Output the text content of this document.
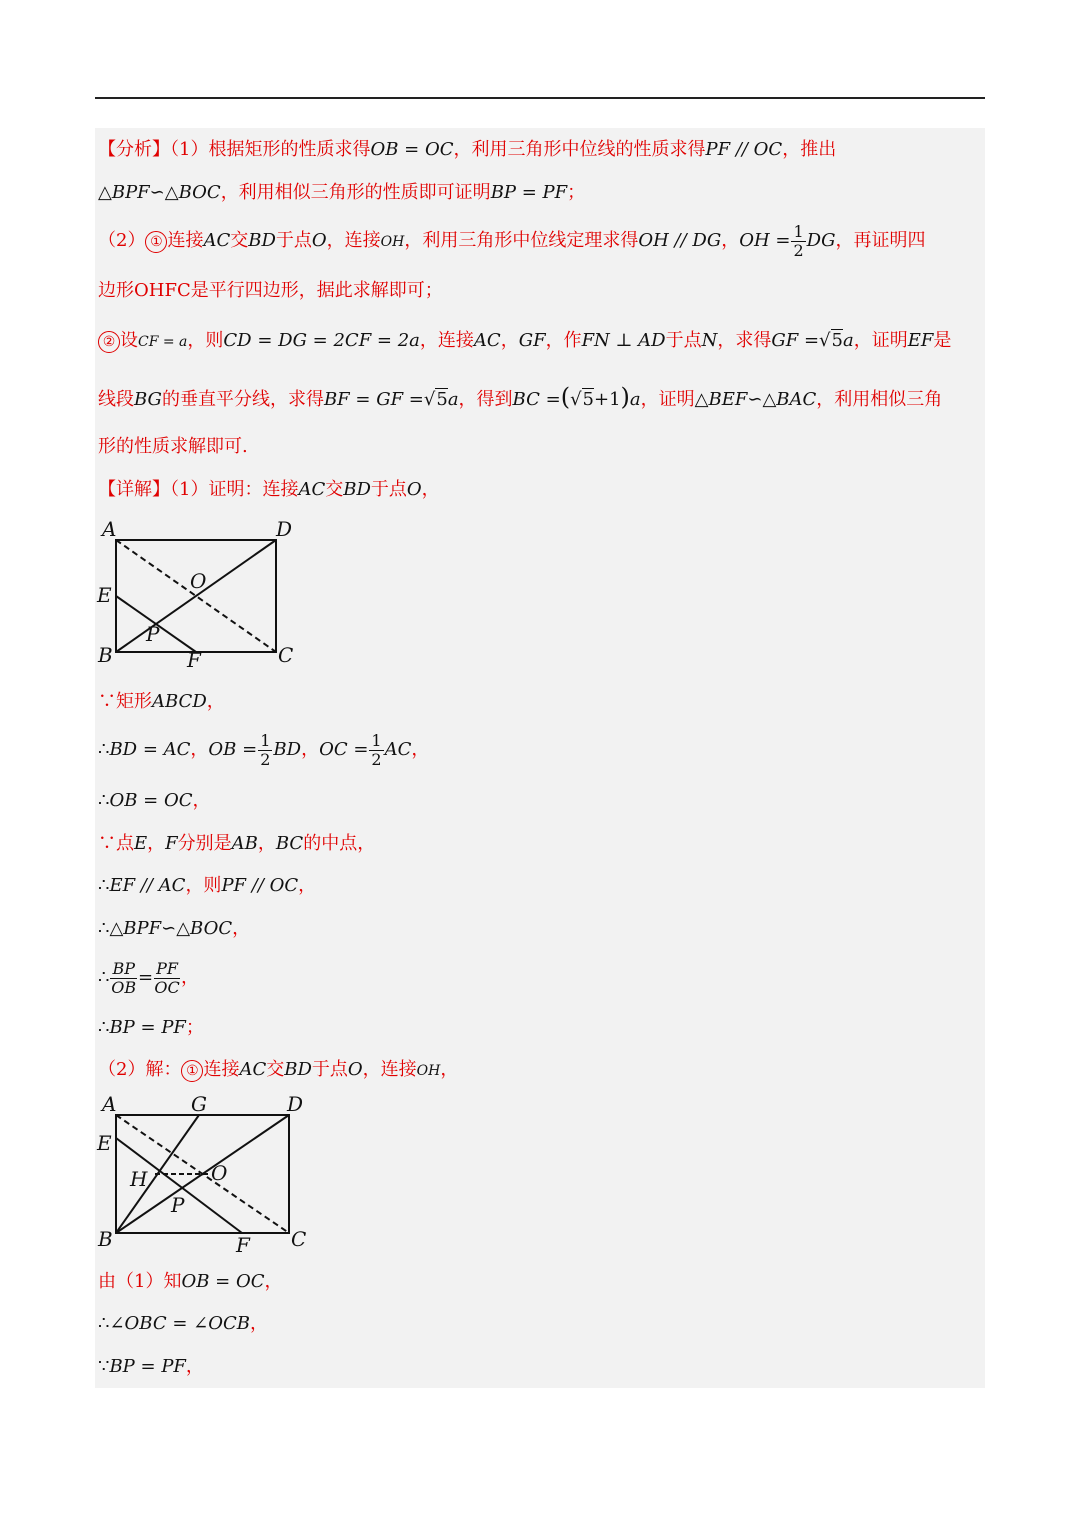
【分析】（1）根据矩形的性质求得OB = OC，利用三角形中位线的性质求得PF // OC，推出
△BPF∽△BOC，利用相似三角形的性质即可证明BP = PF；
（2） ① 连接AC交BD于点O，连接OH，利用三角形中位线定理求得OH // DG，OH = $\frac{1}{2}$ DG，再证明四
边形OHFC是平行四边形，据此求解即可；
② 设CF = a，则CD = DG = 2CF = 2a，连接AC，GF，作FN ⊥ AD于点N，求得GF =√5a，证明EF是
线段BG的垂直平分线，求得BF = GF =√5a，得到BC =(√5+1)a，证明△BEF∽△BAC，利用相似三角
形的性质求解即可.
【详解】（1）证明：连接AC交BD于点O，
A	D
O
E
P
B	F	C
∵矩形ABCD，
∴BD = AC，OB = $\frac{1}{2}$ BD，OC = $\frac{1}{2}$ AC，
∴OB = OC，
∵点E，F分别是AB，BC的中点，
∴EF // AC，则PF // OC，
∴△BPF∽△BOC，
∴ $\frac{BP}{OB} = \frac{PF}{OC}$ ，
∴BP = PF；
（2）解： ① 连接AC交BD于点O，连接OH，
A	G	D
E
H	O
P
B	F C
由（1）知OB = OC，
∴∠OBC = ∠OCB，
∵BP = PF，
